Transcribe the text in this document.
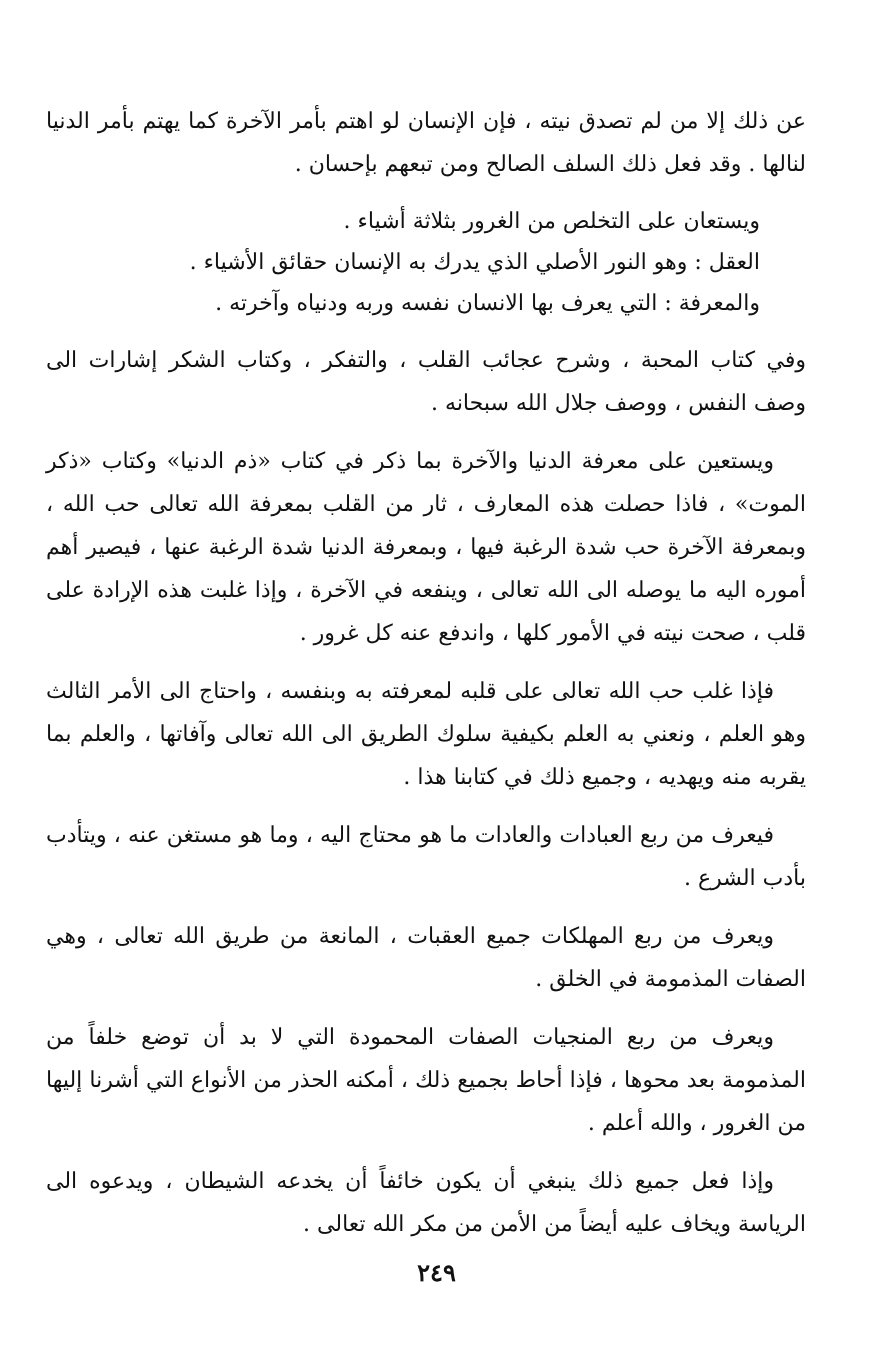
عن ذلك إلا من لم تصدق نيته ، فإن الإنسان لو اهتم بأمر الآخرة كما يهتم بأمر الدنيا لنالها . وقد فعل ذلك السلف الصالح ومن تبعهم بإحسان .

ويستعان على التخلص من الغرور بثلاثة أشياء .
العقل : وهو النور الأصلي الذي يدرك به الإنسان حقائق الأشياء .
والمعرفة : التي يعرف بها الانسان نفسه وربه ودنياه وآخرته .

وفي كتاب المحبة ، وشرح عجائب القلب ، والتفكر ، وكتاب الشكر إشارات الى وصف النفس ، ووصف جلال الله سبحانه .

ويستعين على معرفة الدنيا والآخرة بما ذكر في كتاب «ذم الدنيا» وكتاب «ذكر الموت» ، فاذا حصلت هذه المعارف ، ثار من القلب بمعرفة الله تعالى حب الله ، وبمعرفة الآخرة حب شدة الرغبة فيها ، وبمعرفة الدنيا شدة الرغبة عنها ، فيصير أهم أموره اليه ما يوصله الى الله تعالى ، وينفعه في الآخرة ، وإذا غلبت هذه الإرادة على قلب ، صحت نيته في الأمور كلها ، واندفع عنه كل غرور .

فإذا غلب حب الله تعالى على قلبه لمعرفته به وبنفسه ، واحتاج الى الأمر الثالث وهو العلم ، ونعني به العلم بكيفية سلوك الطريق الى الله تعالى وآفاتها ، والعلم بما يقربه منه ويهديه ، وجميع ذلك في كتابنا هذا .

فيعرف من ربع العبادات والعادات ما هو محتاج اليه ، وما هو مستغن عنه ، ويتأدب بأدب الشرع .

ويعرف من ربع المهلكات جميع العقبات ، المانعة من طريق الله تعالى ، وهي الصفات المذمومة في الخلق .

ويعرف من ربع المنجيات الصفات المحمودة التي لا بد أن توضع خلفاً من المذمومة بعد محوها ، فإذا أحاط بجميع ذلك ، أمكنه الحذر من الأنواع التي أشرنا إليها من الغرور ، والله أعلم .

وإذا فعل جميع ذلك ينبغي أن يكون خائفاً أن يخدعه الشيطان ، ويدعوه الى الرياسة ويخاف عليه أيضاً من الأمن من مكر الله تعالى .

٢٤٩
